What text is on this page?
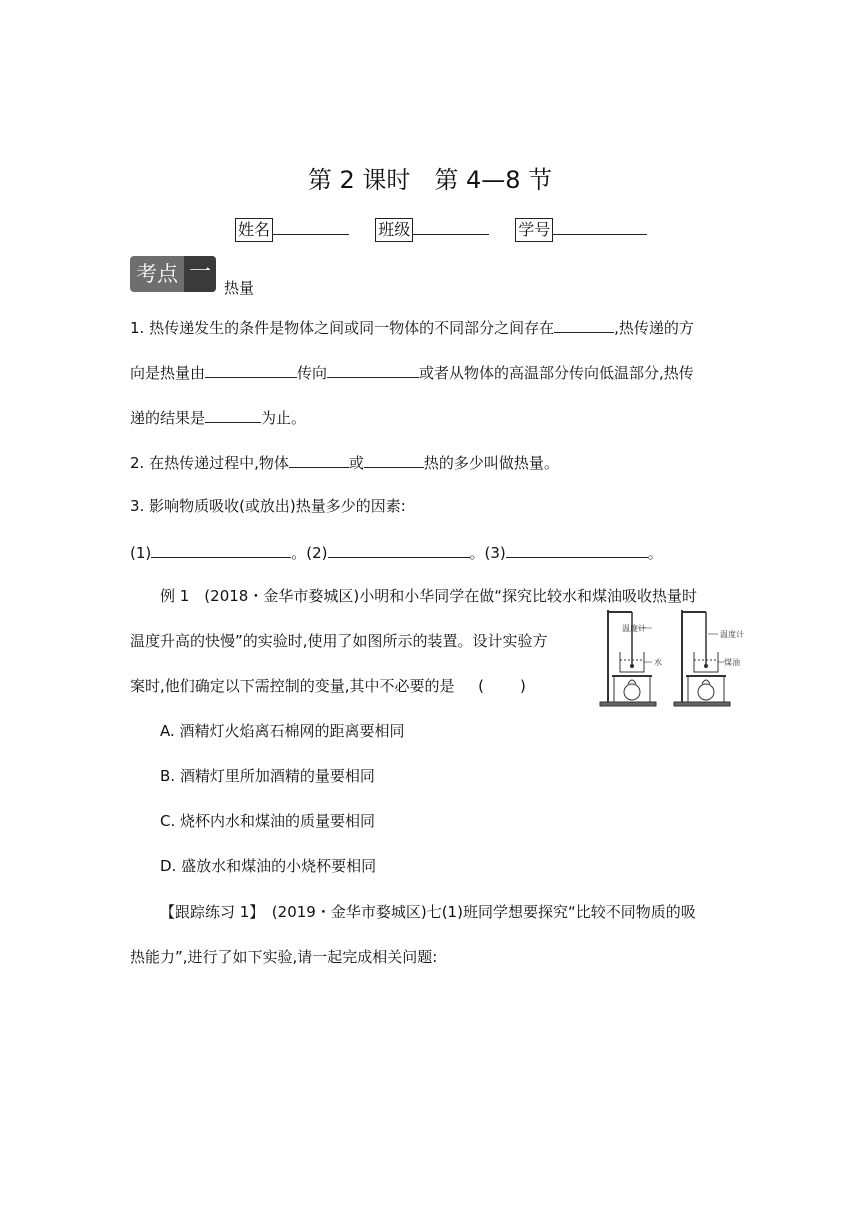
第 2 课时　第 4—8 节
姓名	班级	学号
考点 一
热量
1. 热传递发生的条件是物体之间或同一物体的不同部分之间存在	,热传递的方
向是热量由	传向	或者从物体的高温部分传向低温部分,热传
递的结果是	为止。
2. 在热传递过程中,物体	或	热的多少叫做热量。
3. 影响物质吸收(或放出)热量多少的因素:
(1)	。(2)	。(3)	。
例 1　(2018・金华市婺城区)小明和小华同学在做“探究比较水和煤油吸收热量时
温度升高的快慢”的实验时,使用了如图所示的装置。设计实验方
案时,他们确定以下需控制的变量,其中不必要的是 ( )
温度计
水
温度计
煤油
A. 酒精灯火焰离石棉网的距离要相同
B. 酒精灯里所加酒精的量要相同
C. 烧杯内水和煤油的质量要相同
D. 盛放水和煤油的小烧杯要相同
【跟踪练习 1】　(2019・金华市婺城区)七(1)班同学想要探究“比较不同物质的吸
热能力”,进行了如下实验,请一起完成相关问题:
